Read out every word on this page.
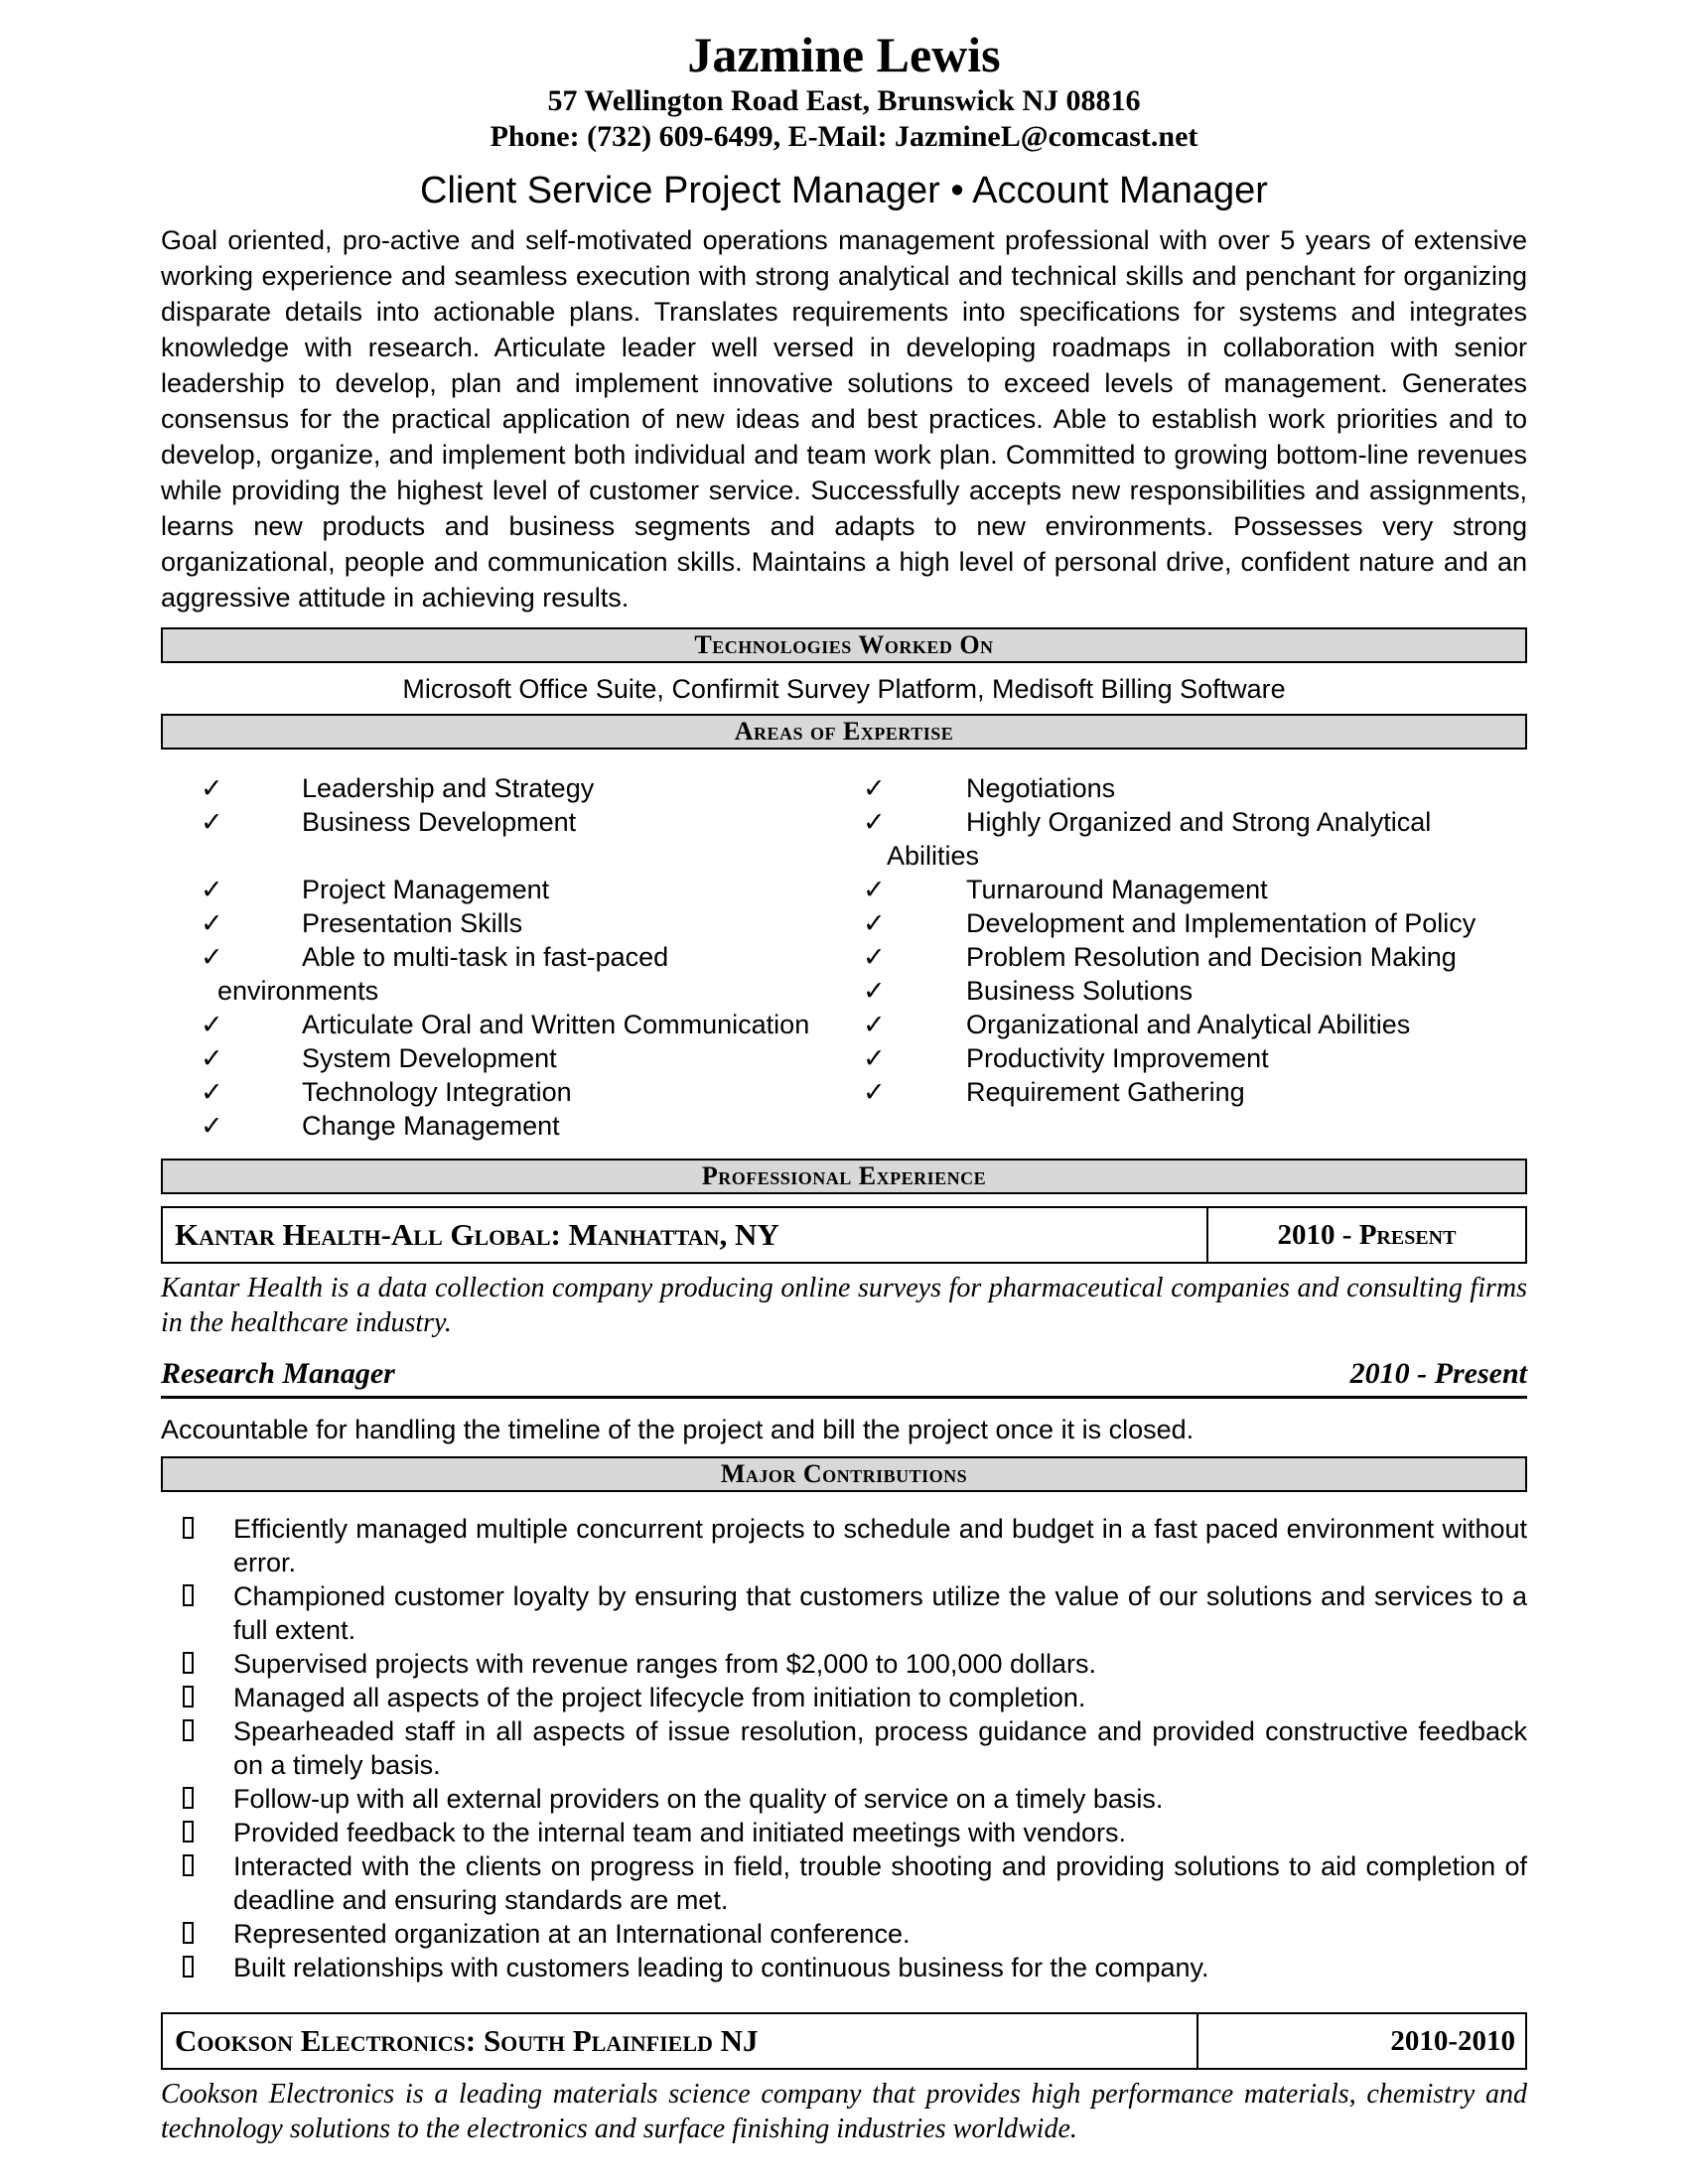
Jazmine Lewis
57 Wellington Road East, Brunswick NJ 08816
Phone: (732) 609-6499, E-Mail: JazmineL@comcast.net
Client Service Project Manager • Account Manager
Goal oriented, pro-active and self-motivated operations management professional with over 5 years of extensive working experience and seamless execution with strong analytical and technical skills and penchant for organizing disparate details into actionable plans. Translates requirements into specifications for systems and integrates knowledge with research. Articulate leader well versed in developing roadmaps in collaboration with senior leadership to develop, plan and implement innovative solutions to exceed levels of management. Generates consensus for the practical application of new ideas and best practices. Able to establish work priorities and to develop, organize, and implement both individual and team work plan. Committed to growing bottom-line revenues while providing the highest level of customer service. Successfully accepts new responsibilities and assignments, learns new products and business segments and adapts to new environments. Possesses very strong organizational, people and communication skills. Maintains a high level of personal drive, confident nature and an aggressive attitude in achieving results.
Technologies Worked On
Microsoft Office Suite, Confirmit Survey Platform, Medisoft Billing Software
Areas of Expertise
✓	Leadership and Strategy	✓	Negotiations
✓	Business Development	✓	Highly Organized and Strong Analytical
Abilities
✓	Project Management	✓	Turnaround Management
✓	Presentation Skills	✓	Development and Implementation of Policy
✓	Able to multi-task in fast-paced	✓	Problem Resolution and Decision Making
environments	✓	Business Solutions
✓	Articulate Oral and Written Communication ✓	Organizational and Analytical Abilities
✓	System Development	✓	Productivity Improvement
✓	Technology Integration	✓	Requirement Gathering
✓	Change Management
Professional Experience
Kantar Health-All Global: Manhattan, NY	2010 - Present
Kantar Health is a data collection company producing online surveys for pharmaceutical companies and consulting firms in the healthcare industry.
Research Manager	2010 - Present
Accountable for handling the timeline of the project and bill the project once it is closed.
Major Contributions
Efficiently managed multiple concurrent projects to schedule and budget in a fast paced environment without error.
Championed customer loyalty by ensuring that customers utilize the value of our solutions and services to a full extent.
Supervised projects with revenue ranges from $2,000 to 100,000 dollars.
Managed all aspects of the project lifecycle from initiation to completion.
Spearheaded staff in all aspects of issue resolution, process guidance and provided constructive feedback on a timely basis.
Follow-up with all external providers on the quality of service on a timely basis.
Provided feedback to the internal team and initiated meetings with vendors.
Interacted with the clients on progress in field, trouble shooting and providing solutions to aid completion of deadline and ensuring standards are met.
Represented organization at an International conference.
Built relationships with customers leading to continuous business for the company.
Cookson Electronics: South Plainfield NJ	2010-2010
Cookson Electronics is a leading materials science company that provides high performance materials, chemistry and technology solutions to the electronics and surface finishing industries worldwide.
